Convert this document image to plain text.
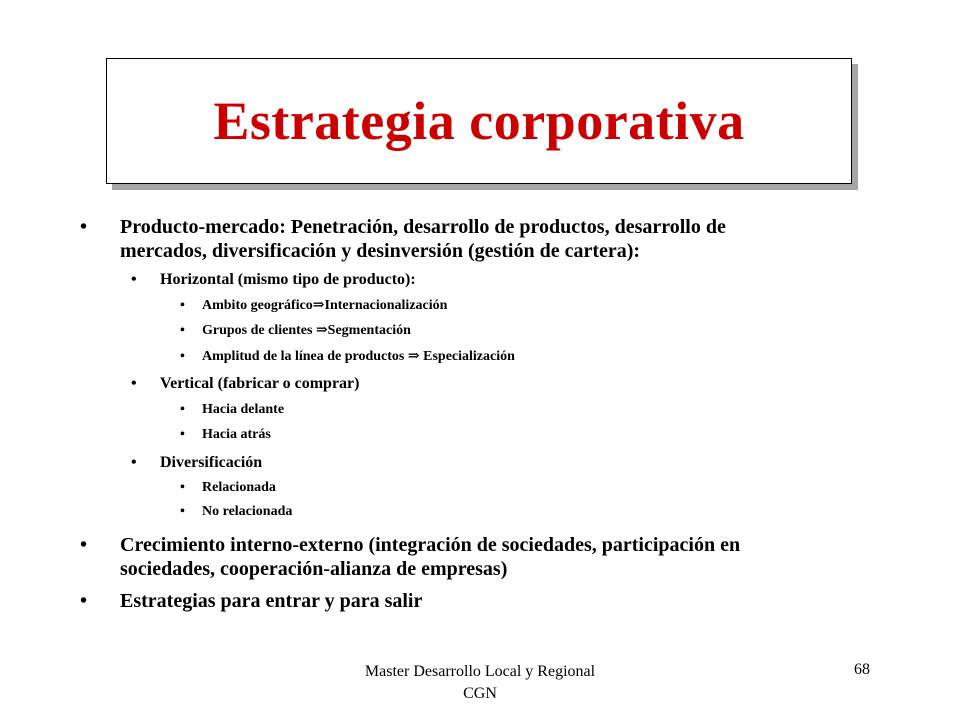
Estrategia corporativa
• Producto-mercado: Penetración, desarrollo de productos, desarrollo de
mercados, diversificación y desinversión (gestión de cartera):
• Horizontal (mismo tipo de producto):
• Ambito geográfico⇒Internacionalización
• Grupos de clientes ⇒Segmentación
• Amplitud de la línea de productos ⇒ Especialización
• Vertical (fabricar o comprar)
• Hacia delante
• Hacia atrás
• Diversificación
• Relacionada
• No relacionada
• Crecimiento interno-externo (integración de sociedades, participación en
sociedades, cooperación-alianza de empresas)
• Estrategias para entrar y para salir
Master Desarrollo Local y Regional
CGN
68
